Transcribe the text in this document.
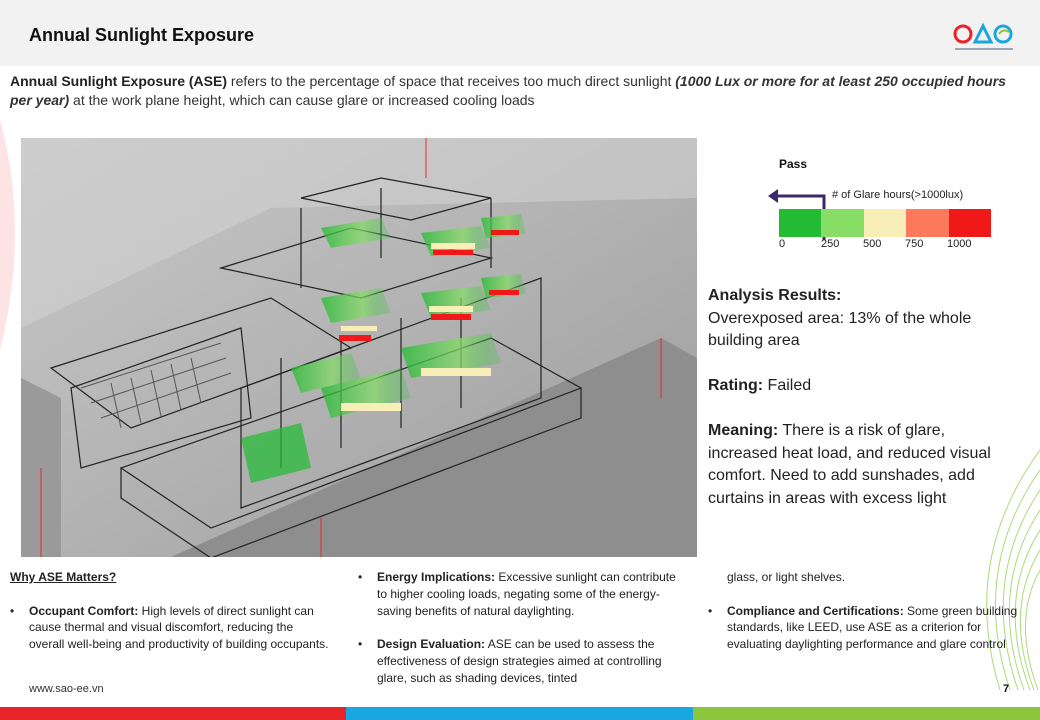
Annual Sunlight Exposure
Annual Sunlight Exposure (ASE) refers to the percentage of space that receives too much direct sunlight (1000 Lux or more for at least 250 occupied hours per year) at the work plane height, which can cause glare or increased cooling loads
Pass
# of Glare hours(>1000lux)
0	250 500 750 1000
Analysis Results:
Overexposed area: 13% of the whole building area
Rating: Failed
Meaning: There is a risk of glare, increased heat load, and reduced visual comfort. Need to add sunshades, add curtains in areas with excess light
Why ASE Matters?
• Occupant Comfort: High levels of direct sunlight can cause thermal and visual discomfort, reducing the overall well-being and productivity of building occupants.
• Energy Implications: Excessive sunlight can contribute to higher cooling loads, negating some of the energy-saving benefits of natural daylighting.
• Design Evaluation: ASE can be used to assess the effectiveness of design strategies aimed at controlling glare, such as shading devices, tinted
glass, or light shelves.
• Compliance and Certifications: Some green building standards, like LEED, use ASE as a criterion for evaluating daylighting performance and glare control
www.sao-ee.vn	7
